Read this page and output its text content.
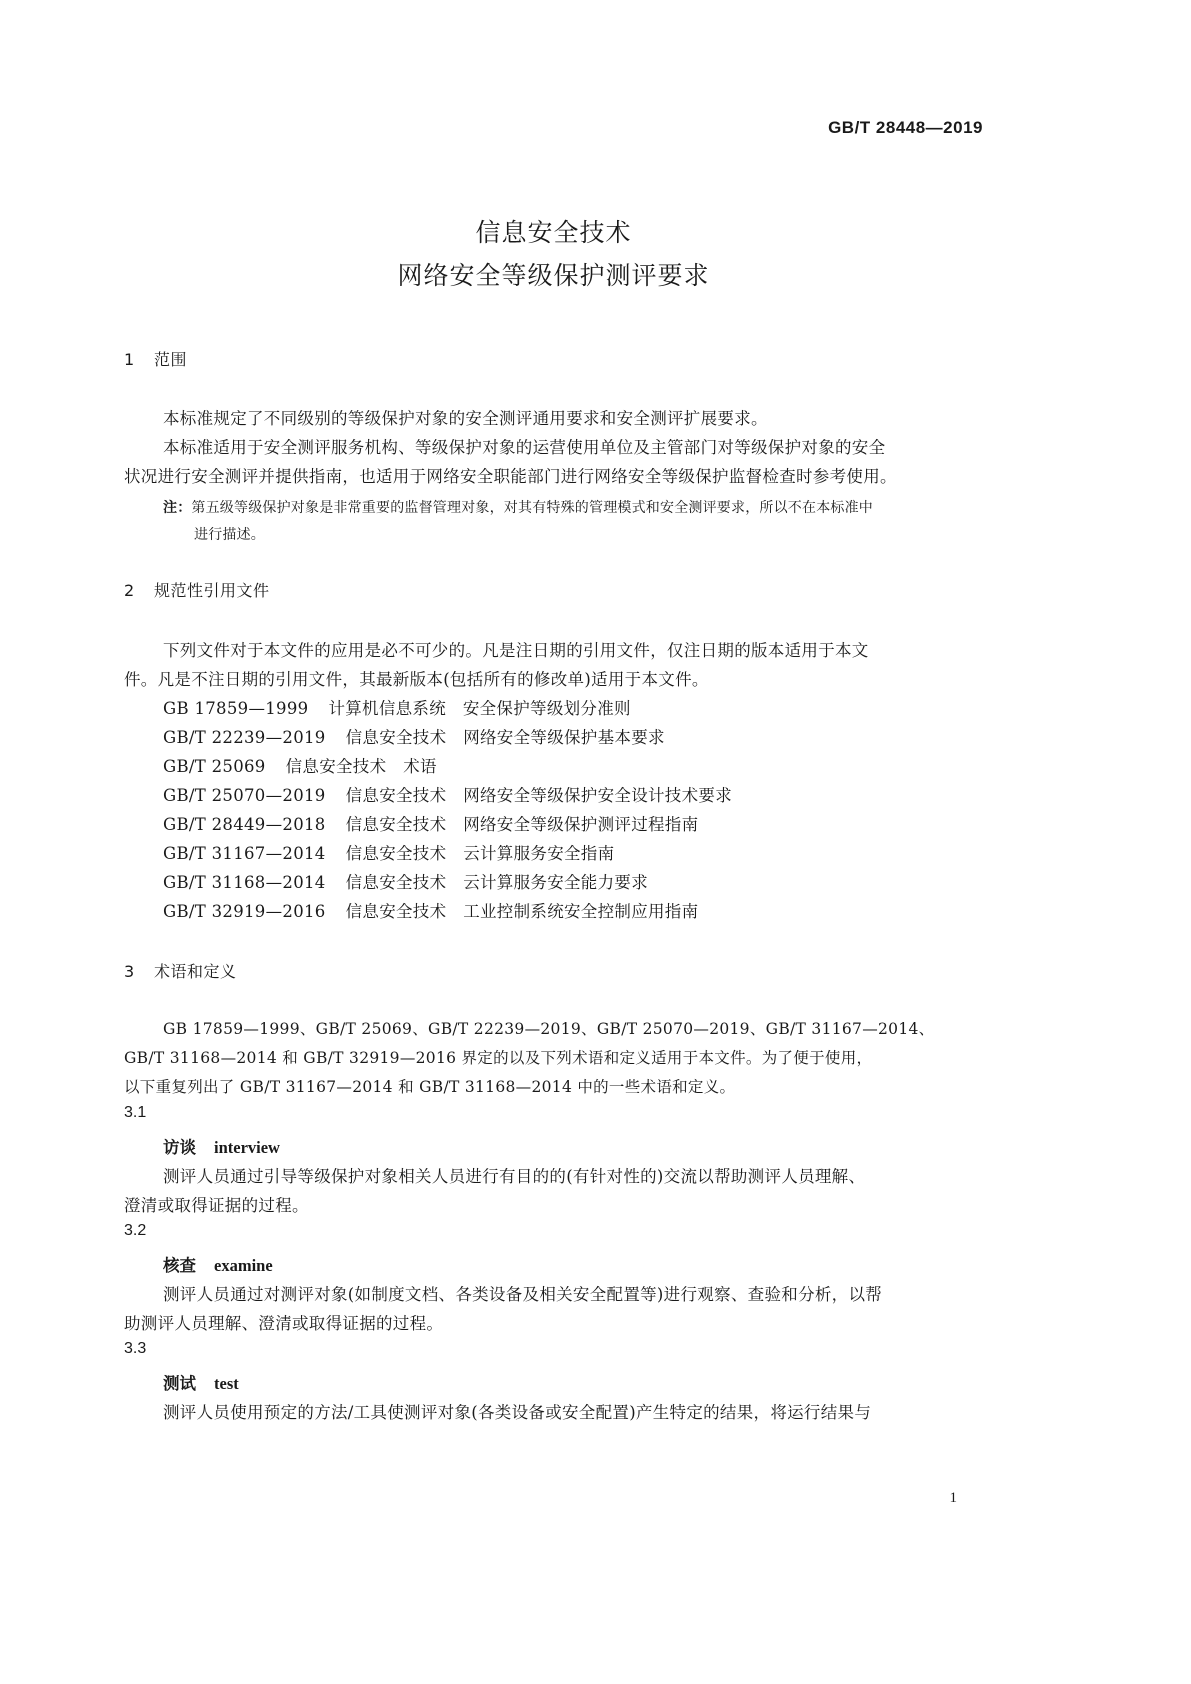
GB/T 28448—2019
信息安全技术
网络安全等级保护测评要求
1 范围
本标准规定了不同级别的等级保护对象的安全测评通用要求和安全测评扩展要求。
本标准适用于安全测评服务机构、等级保护对象的运营使用单位及主管部门对等级保护对象的安全
状况进行安全测评并提供指南，也适用于网络安全职能部门进行网络安全等级保护监督检查时参考使用。
注：第五级等级保护对象是非常重要的监督管理对象，对其有特殊的管理模式和安全测评要求，所以不在本标准中
进行描述。
2 规范性引用文件
下列文件对于本文件的应用是必不可少的。凡是注日期的引用文件，仅注日期的版本适用于本文
件。凡是不注日期的引用文件，其最新版本(包括所有的修改单)适用于本文件。
GB 17859—1999 计算机信息系统　安全保护等级划分准则
GB/T 22239—2019 信息安全技术　网络安全等级保护基本要求
GB/T 25069 信息安全技术　术语
GB/T 25070—2019 信息安全技术　网络安全等级保护安全设计技术要求
GB/T 28449—2018 信息安全技术　网络安全等级保护测评过程指南
GB/T 31167—2014 信息安全技术　云计算服务安全指南
GB/T 31168—2014 信息安全技术　云计算服务安全能力要求
GB/T 32919—2016 信息安全技术　工业控制系统安全控制应用指南
3 术语和定义
GB 17859—1999、GB/T 25069、GB/T 22239—2019、GB/T 25070—2019、GB/T 31167—2014、
GB/T 31168—2014 和 GB/T 32919—2016 界定的以及下列术语和定义适用于本文件。为了便于使用，
以下重复列出了 GB/T 31167—2014 和 GB/T 31168—2014 中的一些术语和定义。
3.1
访谈 interview
测评人员通过引导等级保护对象相关人员进行有目的的(有针对性的)交流以帮助测评人员理解、
澄清或取得证据的过程。
3.2
核查 examine
测评人员通过对测评对象(如制度文档、各类设备及相关安全配置等)进行观察、查验和分析，以帮
助测评人员理解、澄清或取得证据的过程。
3.3
测试 test
测评人员使用预定的方法/工具使测评对象(各类设备或安全配置)产生特定的结果，将运行结果与
1
